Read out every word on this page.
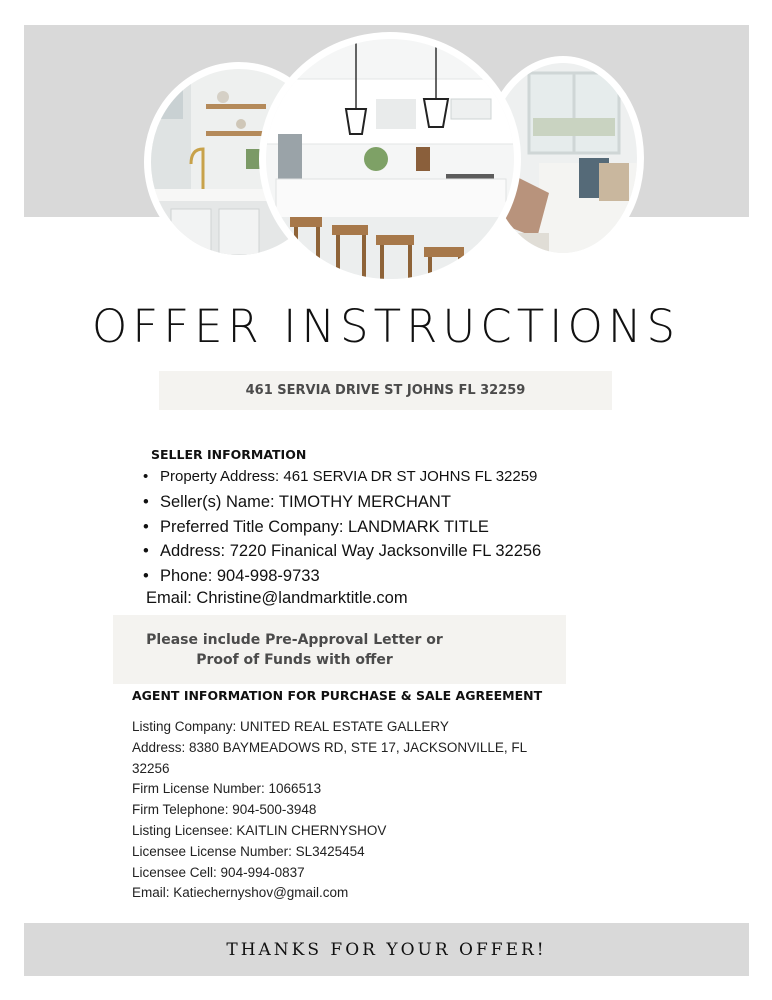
OFFER INSTRUCTIONS
461 SERVIA DRIVE ST JOHNS FL 32259
SELLER INFORMATION
• Property Address: 461 SERVIA DR ST JOHNS FL 32259
• Seller(s) Name: TIMOTHY MERCHANT
• Preferred Title Company: LANDMARK TITLE
• Address: 7220 Finanical Way Jacksonville FL 32256
• Phone: 904-998-9733
Email: Christine@landmarktitle.com
Please include Pre-Approval Letter or
Proof of Funds with offer
AGENT INFORMATION FOR PURCHASE & SALE AGREEMENT
Listing Company: UNITED REAL ESTATE GALLERY
Address: 8380 BAYMEADOWS RD, STE 17, JACKSONVILLE, FL 32256
Firm License Number: 1066513
Firm Telephone: 904-500-3948
Listing Licensee: KAITLIN CHERNYSHOV
Licensee License Number: SL3425454
Licensee Cell: 904-994-0837
Email: Katiechernyshov@gmail.com
THANKS FOR YOUR OFFER!
